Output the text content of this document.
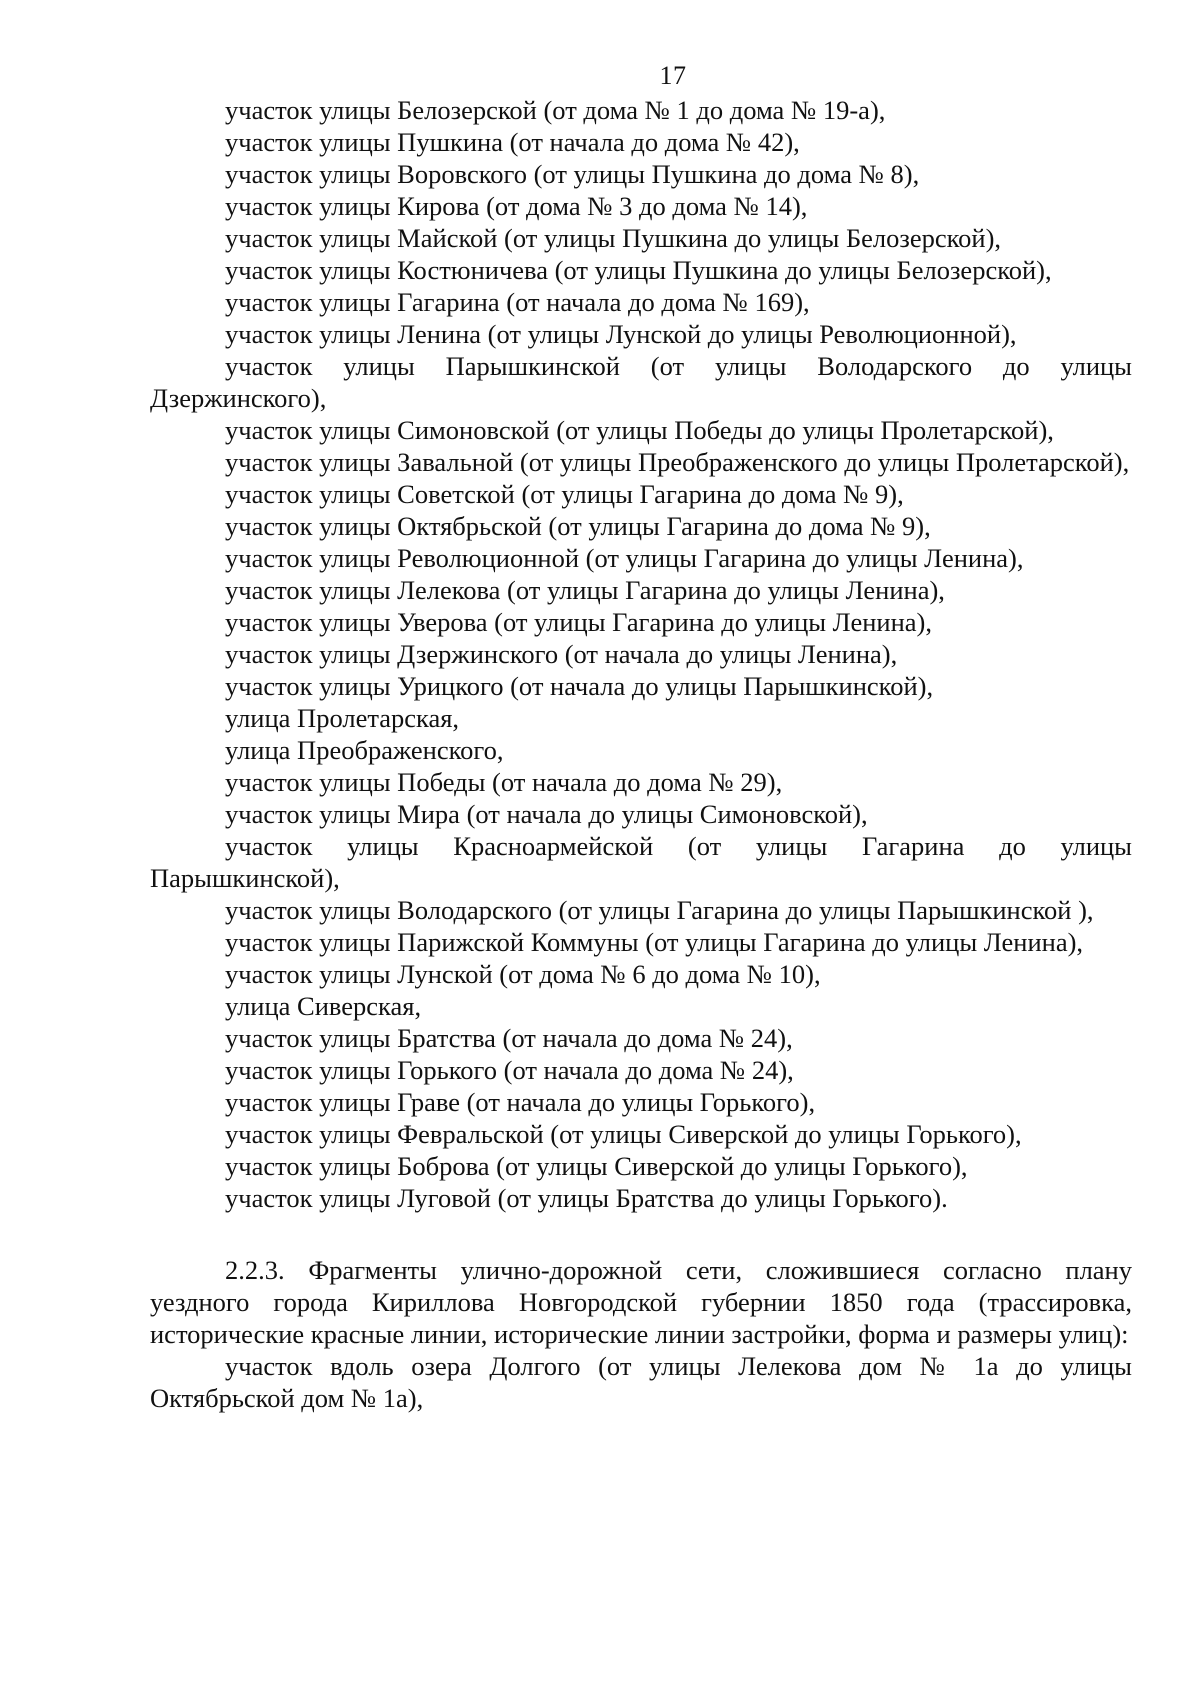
17

участок улицы Белозерской (от дома № 1 до дома № 19-а),

участок улицы Пушкина (от начала до дома № 42),

участок улицы Воровского (от улицы Пушкина до дома № 8),

участок улицы Кирова (от дома № 3 до дома № 14),

участок улицы Майской (от улицы Пушкина до улицы Белозерской),

участок улицы Костюничева (от улицы Пушкина до улицы Белозерской),

участок улицы Гагарина (от начала до дома № 169),

участок улицы Ленина (от улицы Лунской до улицы Революционной),

участок улицы Парышкинской (от улицы Володарского до улицы Дзержинского),

участок улицы Симоновской (от улицы Победы до улицы Пролетарской),

участок улицы Завальной (от улицы Преображенского до улицы Пролетарской),

участок улицы Советской (от улицы Гагарина до дома № 9),

участок улицы Октябрьской (от улицы Гагарина до дома № 9),

участок улицы Революционной (от улицы Гагарина до улицы Ленина),

участок улицы Лелекова (от улицы Гагарина до улицы Ленина),

участок улицы Уверова (от улицы Гагарина до улицы Ленина),

участок улицы Дзержинского (от начала до улицы Ленина),

участок улицы Урицкого (от начала до улицы Парышкинской),

улица Пролетарская,

улица Преображенского,

участок улицы Победы (от начала до дома № 29),

участок улицы Мира (от начала до улицы Симоновской),

участок улицы Красноармейской (от улицы Гагарина до улицы Парышкинской),

участок улицы Володарского (от улицы Гагарина до улицы Парышкинской ),

участок улицы Парижской Коммуны (от улицы Гагарина до улицы Ленина),

участок улицы Лунской (от дома № 6 до дома № 10),

улица Сиверская,

участок улицы Братства (от начала до дома № 24),

участок улицы Горького (от начала до дома № 24),

участок улицы Граве (от начала до улицы Горького),

участок улицы Февральской (от улицы Сиверской до улицы Горького),

участок улицы Боброва (от улицы Сиверской до улицы Горького),

участок улицы Луговой (от улицы Братства до улицы Горького).

2.2.3. Фрагменты улично-дорожной сети, сложившиеся согласно плану уездного города Кириллова Новгородской губернии 1850 года (трассировка, исторические красные линии, исторические линии застройки, форма и размеры улиц):

участок вдоль озера Долгого (от улицы Лелекова дом № 1а до улицы Октябрьской дом № 1а),
